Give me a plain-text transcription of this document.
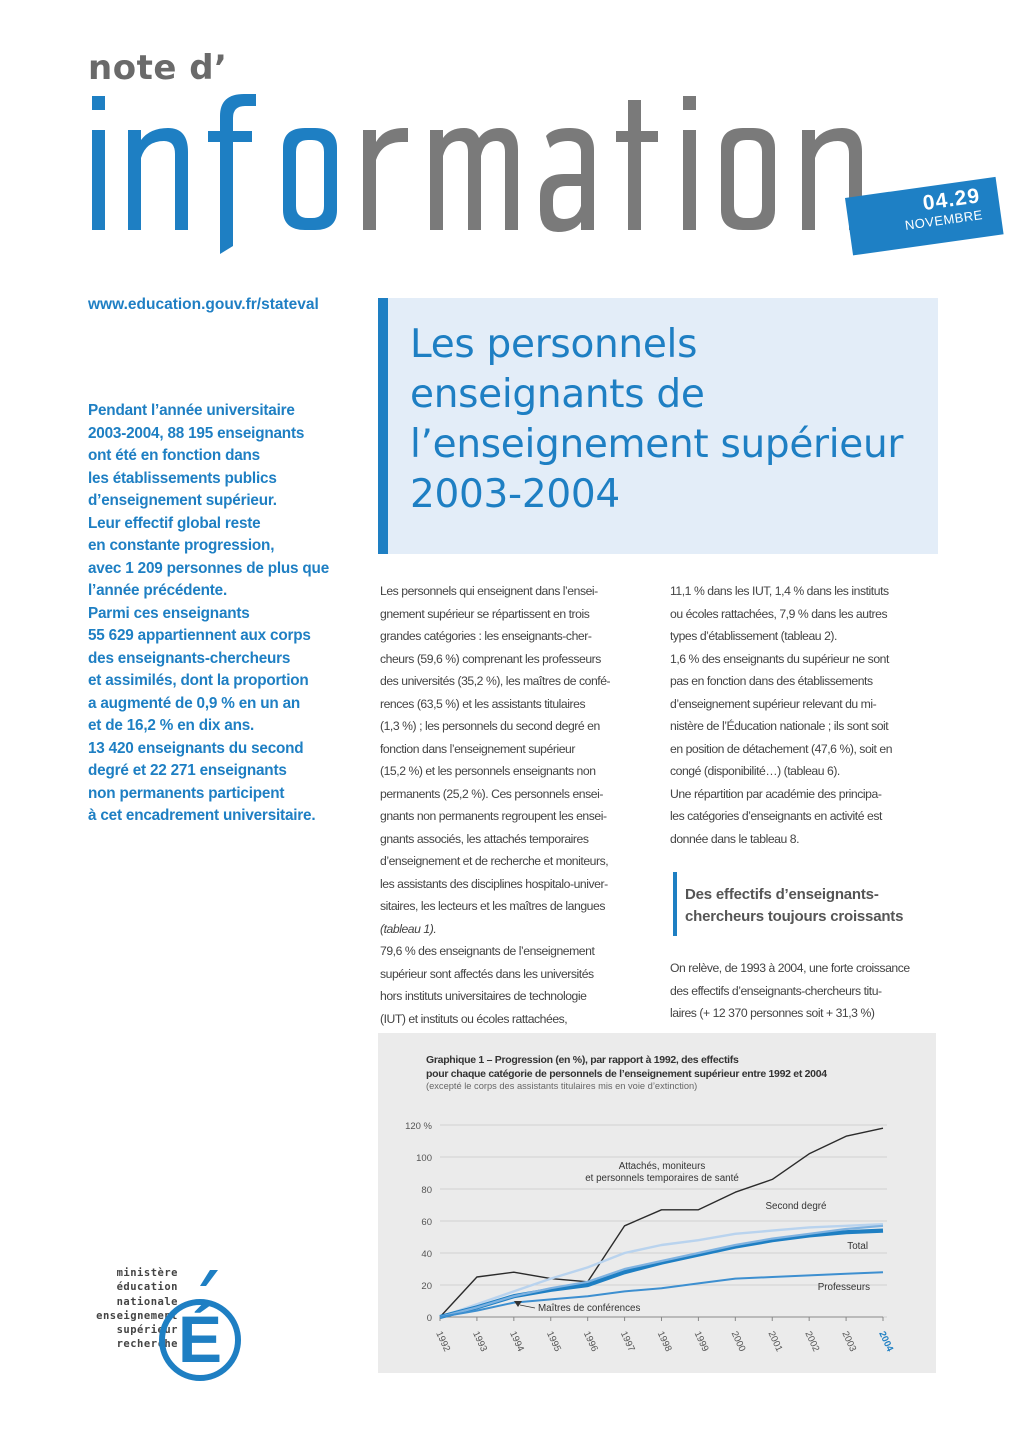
note d’
04.29
NOVEMBRE
www.education.gouv.fr/stateval
Pendant l’année universitaire
2003-2004, 88 195 enseignants
ont été en fonction dans
les établissements publics
d’enseignement supérieur.
Leur effectif global reste
en constante progression,
avec 1 209 personnes de plus que
l’année précédente.
Parmi ces enseignants
55 629 appartiennent aux corps
des enseignants-chercheurs
et assimilés, dont la proportion
a augmenté de 0,9 % en un an
et de 16,2 % en dix ans.
13 420 enseignants du second
degré et 22 271 enseignants
non permanents participent
à cet encadrement universitaire.
Les personnels
enseignants de
l’enseignement supérieur
2003-2004
Les personnels qui enseignent dans l’ensei-
gnement supérieur se répartissent en trois
grandes catégories : les enseignants-cher-
cheurs (59,6 %) comprenant les professeurs
des universités (35,2 %), les maîtres de confé-
rences (63,5 %) et les assistants titulaires
(1,3 %) ; les personnels du second degré en
fonction dans l’enseignement supérieur
(15,2 %) et les personnels enseignants non
permanents (25,2 %). Ces personnels ensei-
gnants non permanents regroupent les ensei-
gnants associés, les attachés temporaires
d’enseignement et de recherche et moniteurs,
les assistants des disciplines hospitalo-univer-
sitaires, les lecteurs et les maîtres de langues
(tableau 1).
79,6 % des enseignants de l’enseignement
supérieur sont affectés dans les universités
hors instituts universitaires de technologie
(IUT) et instituts ou écoles rattachées,
11,1 % dans les IUT, 1,4 % dans les instituts
ou écoles rattachées, 7,9 % dans les autres
types d’établissement (tableau 2).
1,6 % des enseignants du supérieur ne sont
pas en fonction dans des établissements
d’enseignement supérieur relevant du mi-
nistère de l’Éducation nationale ; ils sont soit
en position de détachement (47,6 %), soit en
congé (disponibilité…) (tableau 6).
Une répartition par académie des principa-
les catégories d’enseignants en activité est
donnée dans le tableau 8.
Des effectifs d’enseignants-
chercheurs toujours croissants
On relève, de 1993 à 2004, une forte croissance
des effectifs d’enseignants-chercheurs titu-
laires (+ 12 370 personnes soit + 31,3 %)
Graphique 1 – Progression (en %), par rapport à 1992, des effectifs
pour chaque catégorie de personnels de l’enseignement supérieur entre 1992 et 2004
(excepté le corps des assistants titulaires mis en voie d’extinction)
120 %
100
80
60
40
20
0
1992 1993 1994 1995 1996 1997 1998 1999 2000 2001 2002 2003 2004
Attachés, moniteurs
et personnels temporaires de santé
Second degré
Total
Professeurs
Maîtres de conférences
ministère
éducation
nationale
enseignement
supérieur
recherche É
